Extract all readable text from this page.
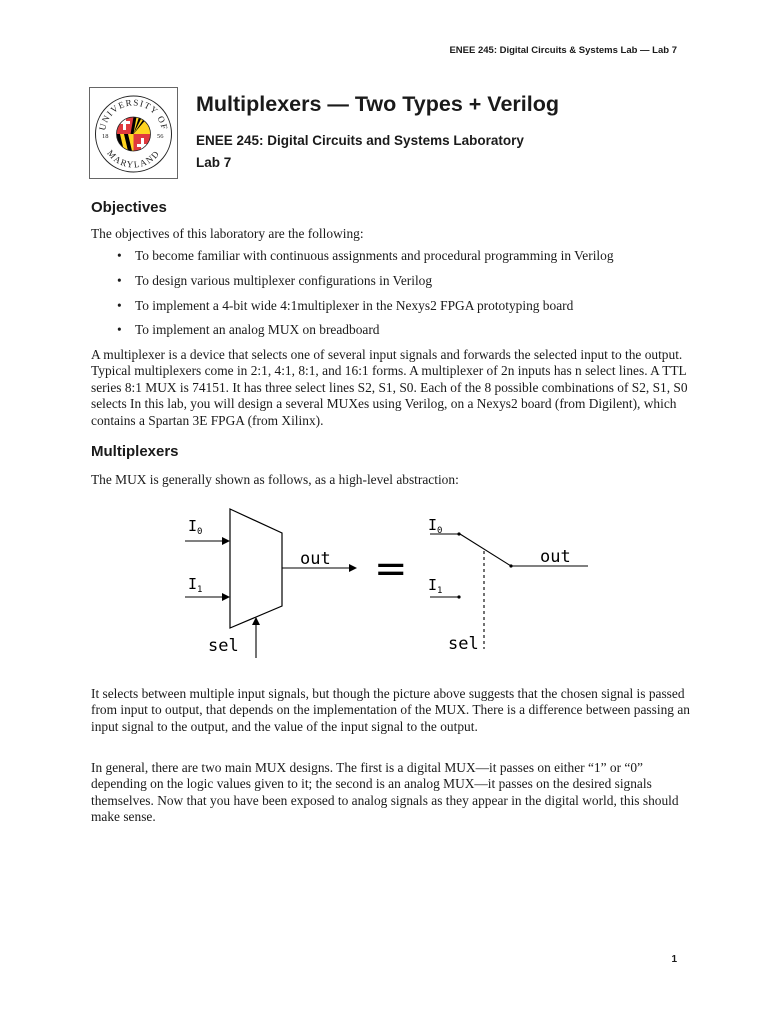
ENEE 245: Digital Circuits & Systems Lab — Lab 7
UNIVERSITY OF
MARYLAND
18	56
Multiplexers — Two Types + Verilog

ENEE 245: Digital Circuits and Systems Laboratory

Lab 7

Objectives

The objectives of this laboratory are the following:

• To become familiar with continuous assignments and procedural programming in Verilog
• To design various multiplexer configurations in Verilog
• To implement a 4-bit wide 4:1multiplexer in the Nexys2 FPGA prototyping board
• To implement an analog MUX on breadboard

A multiplexer is a device that selects one of several input signals and forwards the selected input to the output. Typical multiplexers come in 2:1, 4:1, 8:1, and 16:1 forms. A multiplexer of 2n inputs has n select lines. A TTL series 8:1 MUX is 74151. It has three select lines S2, S1, S0. Each of the 8 possible combinations of S2, S1, S0 selects In this lab, you will design a several MUXes using Verilog, on a Nexys2 board (from Digilent), which contains a Spartan 3E FPGA (from Xilinx).

Multiplexers

The MUX is generally shown as follows, as a high-level abstraction:

$I_0$
$I_1$
out
sel
=
$I_0$
$I_1$
out
sel

It selects between multiple input signals, but though the picture above suggests that the chosen signal is passed from input to output, that depends on the implementation of the MUX. There is a difference between passing an input signal to the output, and the value of the input signal to the output.

In general, there are two main MUX designs. The first is a digital MUX—it passes on either “1” or “0” depending on the logic values given to it; the second is an analog MUX—it passes on the desired signals themselves. Now that you have been exposed to analog signals as they appear in the digital world, this should make sense.

1
